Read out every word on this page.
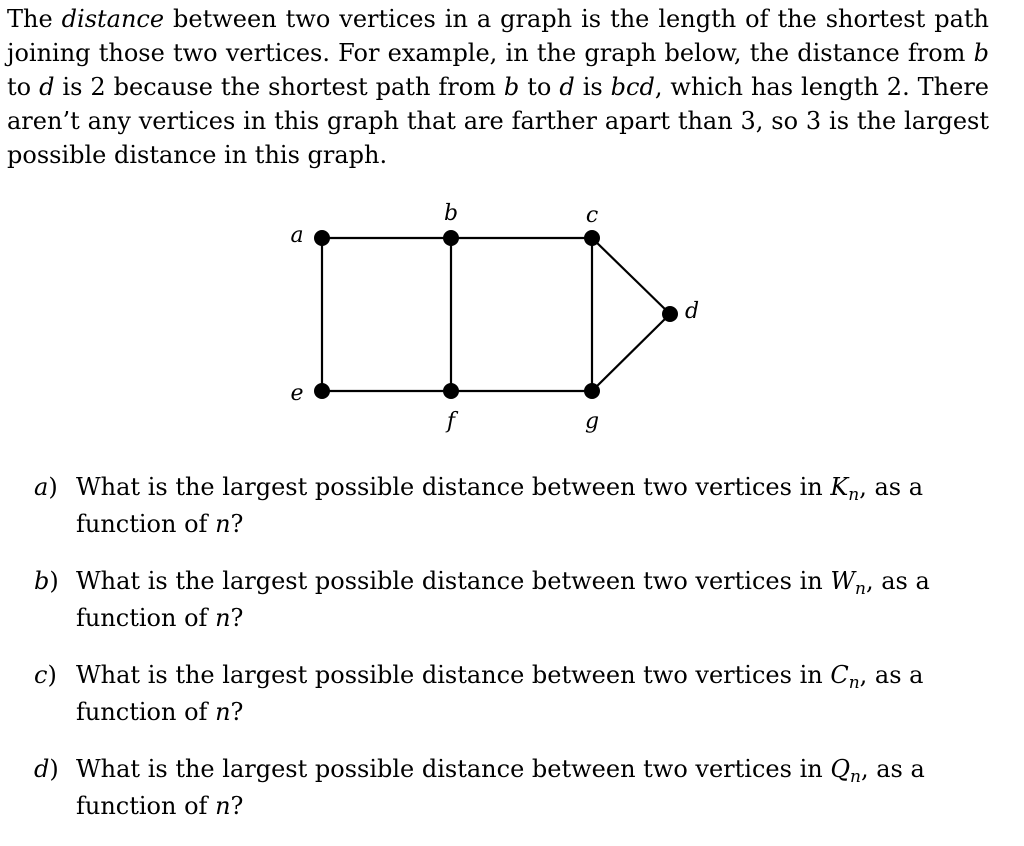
The distance between two vertices in a graph is the length of the shortest path joining those two vertices. For example, in the graph below, the distance from b to d is 2 because the shortest path from b to d is bcd, which has length 2. There aren’t any vertices in this graph that are farther apart than 3, so 3 is the largest possible distance in this graph.

a
b	c
d
e
f	g
a) What is the largest possible distance between two vertices in $K_n$, as a
function of n?
b) What is the largest possible distance between two vertices in $W_n$, as a
function of n?
c) What is the largest possible distance between two vertices in $C_n$, as a
function of n?
d) What is the largest possible distance between two vertices in $Q_n$, as a
function of n?
